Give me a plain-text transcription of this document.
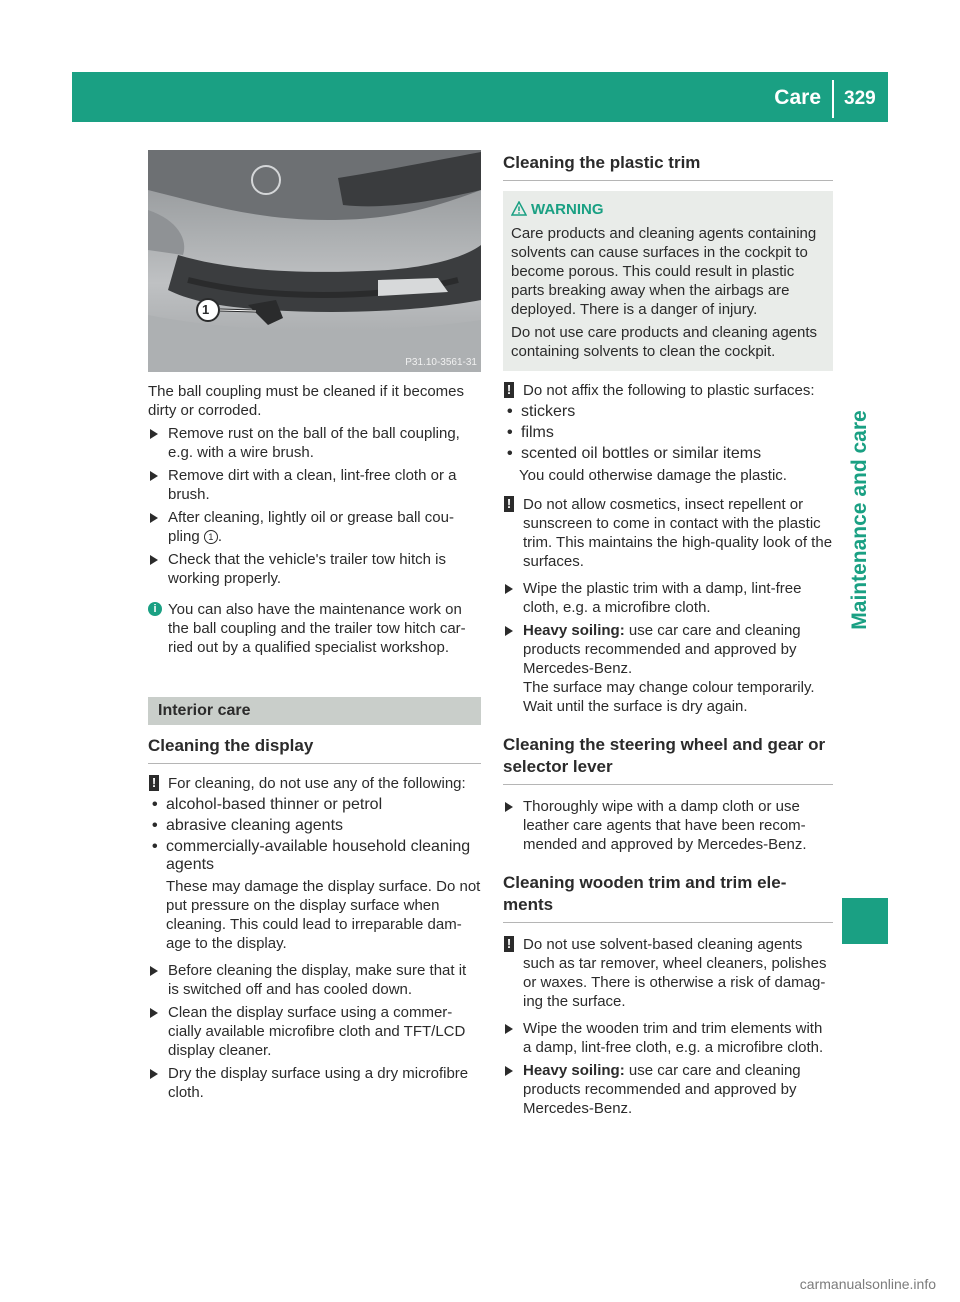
Care 329
Maintenance and care
1
P31.10-3561-31

The ball coupling must be cleaned if it becomes dirty or corroded.

Remove rust on the ball of the ball coupling, e.g. with a wire brush.

Remove dirt with a clean, lint-free cloth or a brush.

After cleaning, lightly oil or grease ball cou- pling 1 .

Check that the vehicle's trailer tow hitch is working properly.

i You can also have the maintenance work on the ball coupling and the trailer tow hitch car- ried out by a qualified specialist workshop.

Interior care
Cleaning the display
! For cleaning, do not use any of the following:

• alcohol-based thinner or petrol
• abrasive cleaning agents
• commercially-available household cleaning agents

These may damage the display surface. Do not put pressure on the display surface when cleaning. This could lead to irreparable dam- age to the display.

Before cleaning the display, make sure that it is switched off and has cooled down.

Clean the display surface using a commer- cially available microfibre cloth and TFT/LCD display cleaner.

Dry the display surface using a dry microfibre cloth.

Cleaning the plastic trim
WARNING

Care products and cleaning agents containing solvents can cause surfaces in the cockpit to become porous. This could result in plastic parts breaking away when the airbags are deployed. There is a danger of injury.

Do not use care products and cleaning agents containing solvents to clean the cockpit.

! Do not affix the following to plastic surfaces:

• stickers
• films
• scented oil bottles or similar items

You could otherwise damage the plastic.

! Do not allow cosmetics, insect repellent or sunscreen to come in contact with the plastic trim. This maintains the high-quality look of the surfaces.

Wipe the plastic trim with a damp, lint-free cloth, e.g. a microfibre cloth.

Heavy soiling: use car care and cleaning products recommended and approved by Mercedes-Benz.

The surface may change colour temporarily.

Wait until the surface is dry again.

Cleaning the steering wheel and gear or selector lever

Thoroughly wipe with a damp cloth or use leather care agents that have been recom- mended and approved by Mercedes-Benz.

Cleaning wooden trim and trim ele- ments
! Do not use solvent-based cleaning agents such as tar remover, wheel cleaners, polishes or waxes. There is otherwise a risk of damag- ing the surface.

Wipe the wooden trim and trim elements with a damp, lint-free cloth, e.g. a microfibre cloth.

Heavy soiling: use car care and cleaning products recommended and approved by Mercedes-Benz.

carmanualsonline.info
